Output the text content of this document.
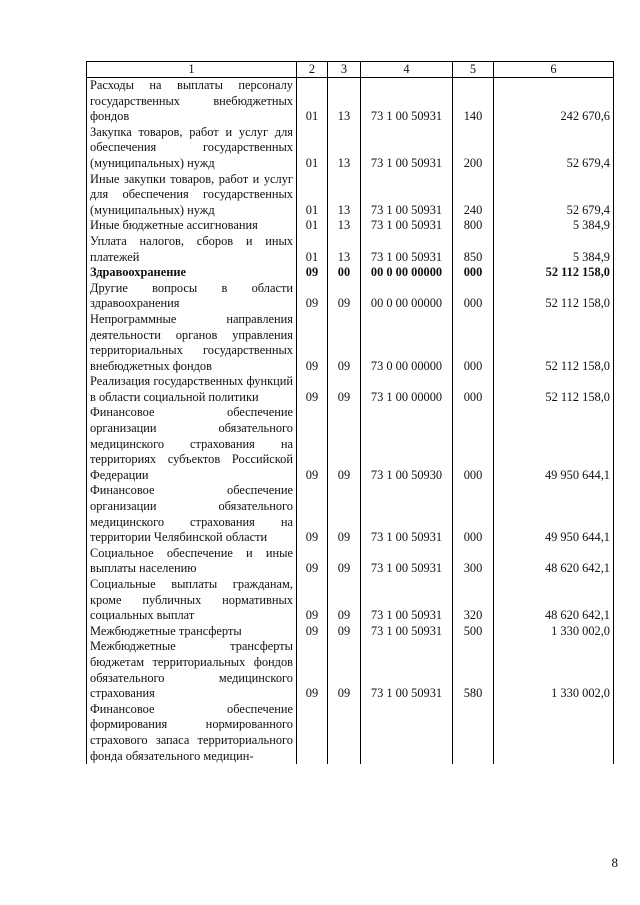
1	2	3	4	5	6
Расходы на выплаты персоналу государственных внебюджетных фондов	01	13	73 1 00 50931	140	242 670,6
Закупка товаров, работ и услуг для обеспечения государственных (муниципальных) нужд	01	13	73 1 00 50931	200	52 679,4
Иные закупки товаров, работ и услуг для обеспечения государственных (муниципальных) нужд	01	13	73 1 00 50931	240	52 679,4
Иные бюджетные ассигнования	01	13	73 1 00 50931	800	5 384,9
Уплата налогов, сборов и иных платежей	01	13	73 1 00 50931	850	5 384,9
Здравоохранение	09	00	00 0 00 00000	000	52 112 158,0
Другие вопросы в области здравоохранения	09	09	00 0 00 00000	000	52 112 158,0
Непрограммные направления деятельности органов управления территориальных государственных внебюджетных фондов	09	09	73 0 00 00000	000	52 112 158,0
Реализация государственных функций в области социальной политики	09	09	73 1 00 00000	000	52 112 158,0
Финансовое обеспечение организации обязательного медицинского страхования на территориях субъектов Российской Федерации	09	09	73 1 00 50930	000	49 950 644,1
Финансовое обеспечение организации обязательного медицинского страхования на территории Челябинской области	09	09	73 1 00 50931	000	49 950 644,1
Социальное обеспечение и иные выплаты населению	09	09	73 1 00 50931	300	48 620 642,1
Социальные выплаты гражданам, кроме публичных нормативных социальных выплат	09	09	73 1 00 50931	320	48 620 642,1
Межбюджетные трансферты	09	09	73 1 00 50931	500	1 330 002,0
Межбюджетные трансферты бюджетам территориальных фондов обязательного медицинского страхования	09	09	73 1 00 50931	580	1 330 002,0
Финансовое обеспечение формирования нормированного страхового запаса территориального фонда обязательного медицин-					
8
